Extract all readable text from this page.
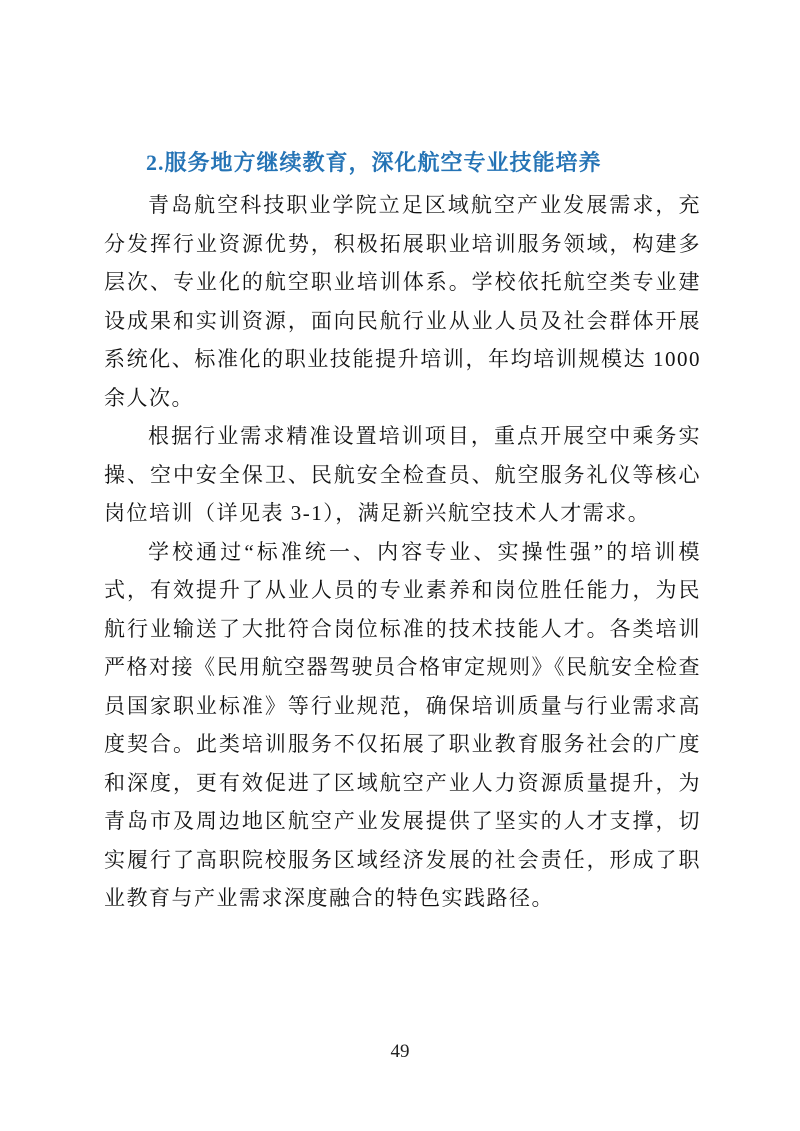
2.服务地方继续教育，深化航空专业技能培养

青岛航空科技职业学院立足区域航空产业发展需求，充分发挥行业资源优势，积极拓展职业培训服务领域，构建多层次、专业化的航空职业培训体系。学校依托航空类专业建设成果和实训资源，面向民航行业从业人员及社会群体开展系统化、标准化的职业技能提升培训，年均培训规模达 1000 余人次。

根据行业需求精准设置培训项目，重点开展空中乘务实操、空中安全保卫、民航安全检查员、航空服务礼仪等核心岗位培训（详见表 3-1），满足新兴航空技术人才需求。

学校通过“标准统一、内容专业、实操性强”的培训模式，有效提升了从业人员的专业素养和岗位胜任能力，为民航行业输送了大批符合岗位标准的技术技能人才。各类培训严格对接《民用航空器驾驶员合格审定规则》《民航安全检查员国家职业标准》等行业规范，确保培训质量与行业需求高度契合。此类培训服务不仅拓展了职业教育服务社会的广度和深度，更有效促进了区域航空产业人力资源质量提升，为青岛市及周边地区航空产业发展提供了坚实的人才支撑，切实履行了高职院校服务区域经济发展的社会责任，形成了职业教育与产业需求深度融合的特色实践路径。

49
